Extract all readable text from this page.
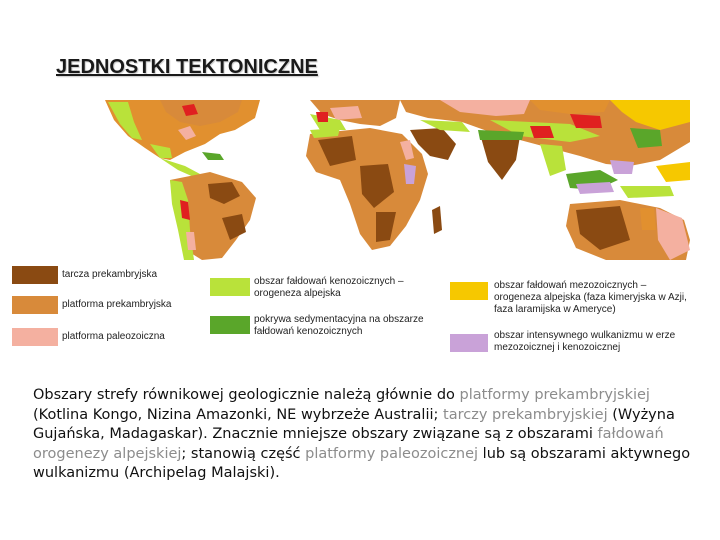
JEDNOSTKI TEKTONICZNE
tarcza prekambryjska
platforma prekambryjska
platforma paleozoiczna
obszar fałdowań kenozoicznych – orogeneza alpejska
pokrywa sedymentacyjna na obszarze fałdowań kenozoicznych
obszar fałdowań mezozoicznych – orogeneza alpejska (faza kimeryjska w Azji, faza laramijska w Ameryce)
obszar intensywnego wulkanizmu w erze mezozoicznej i kenozoicznej
Obszary strefy równikowej geologicznie należą głównie do platformy prekambryjskiej (Kotlina Kongo, Nizina Amazonki, NE wybrzeże Australii; tarczy prekambryjskiej (Wyżyna Gujańska, Madagaskar). Znacznie mniejsze obszary związane są z obszarami fałdowań orogenezy alpejskiej; stanowią część platformy paleozoicznej lub są obszarami aktywnego wulkanizmu (Archipelag Malajski).
